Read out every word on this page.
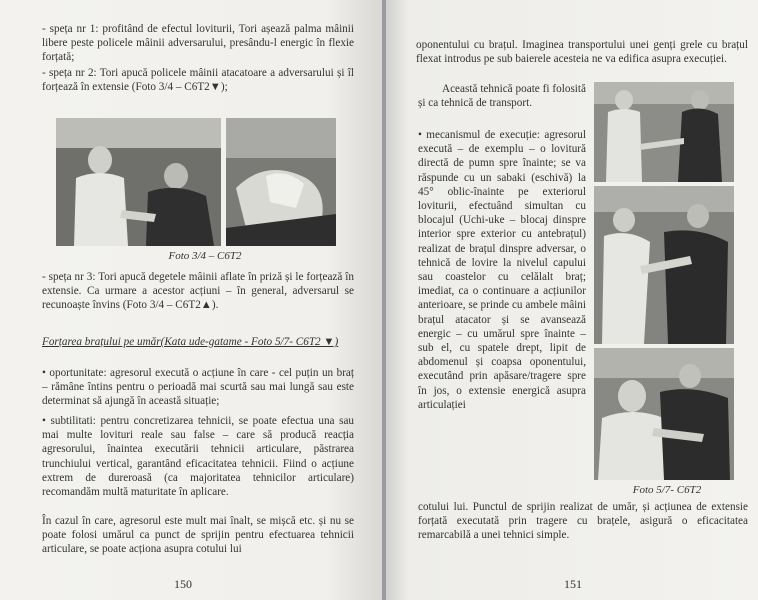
- speța nr 1: profitând de efectul loviturii, Tori așează palma mâinii libere peste policele mâinii adversarului, presându-l energic în flexie forțată;

- speța nr 2: Tori apucă policele mâinii atacatoare a adversarului și îl forțează în extensie (Foto 3/4 – C6T2▼);

Foto 3/4 – C6T2

- speța nr 3: Tori apucă degetele mâinii aflate în priză și le forțează în extensie. Ca urmare a acestor acțiuni – în general, adversarul se recunoaște învins (Foto 3/4 – C6T2▲).

Forțarea brațului pe umăr(Kata ude-gatame - Foto 5/7- C6T2 ▼)

• oportunitate: agresorul execută o acțiune în care - cel puțin un braț – rămâne întins pentru o perioadă mai scurtă sau mai lungă sau este determinat să ajungă în această situație;

• subtilitati: pentru concretizarea tehnicii, se poate efectua una sau mai multe lovituri reale sau false – care să producă reacția agresorului, înaintea executării tehnicii articulare, păstrarea trunchiului vertical, garantând eficacitatea tehnicii. Fiind o acțiune extrem de dureroasă (ca majoritatea tehnicilor articulare) recomandăm multă maturitate în aplicare.

În cazul în care, agresorul este mult mai înalt, se mișcă etc. și nu se poate folosi umărul ca punct de sprijin pentru efectuarea tehnicii articulare, se poate acționa asupra cotului lui

150

oponentului cu brațul. Imaginea transportului unei genți grele cu brațul flexat introdus pe sub baierele acesteia ne va edifica asupra execuției.

Această tehnică poate fi folosită și ca tehnică de transport.

• mecanismul de execuție: agresorul execută – de exemplu – o lovitură directă de pumn spre înainte; se va răspunde cu un sabaki (eschivă) la 45° oblic-înainte pe exteriorul loviturii, efectuând simultan cu blocajul (Uchi-uke – blocaj dinspre interior spre exterior cu antebrațul) realizat de brațul dinspre adversar, o tehnică de lovire la nivelul capului sau coastelor cu celălalt braț; imediat, ca o continuare a acțiunilor anterioare, se prinde cu ambele mâini brațul atacator și se avansează energic – cu umărul spre înainte – sub el, cu spatele drept, lipit de abdomenul și coapsa oponentului, executând prin apăsare/tragere spre în jos, o extensie energică asupra articulației

Foto 5/7- C6T2

cotului lui. Punctul de sprijin realizat de umăr, și acțiunea de extensie forțată executată prin tragere cu brațele, asigură o eficacitatea remarcabilă a unei tehnici simple.

151
